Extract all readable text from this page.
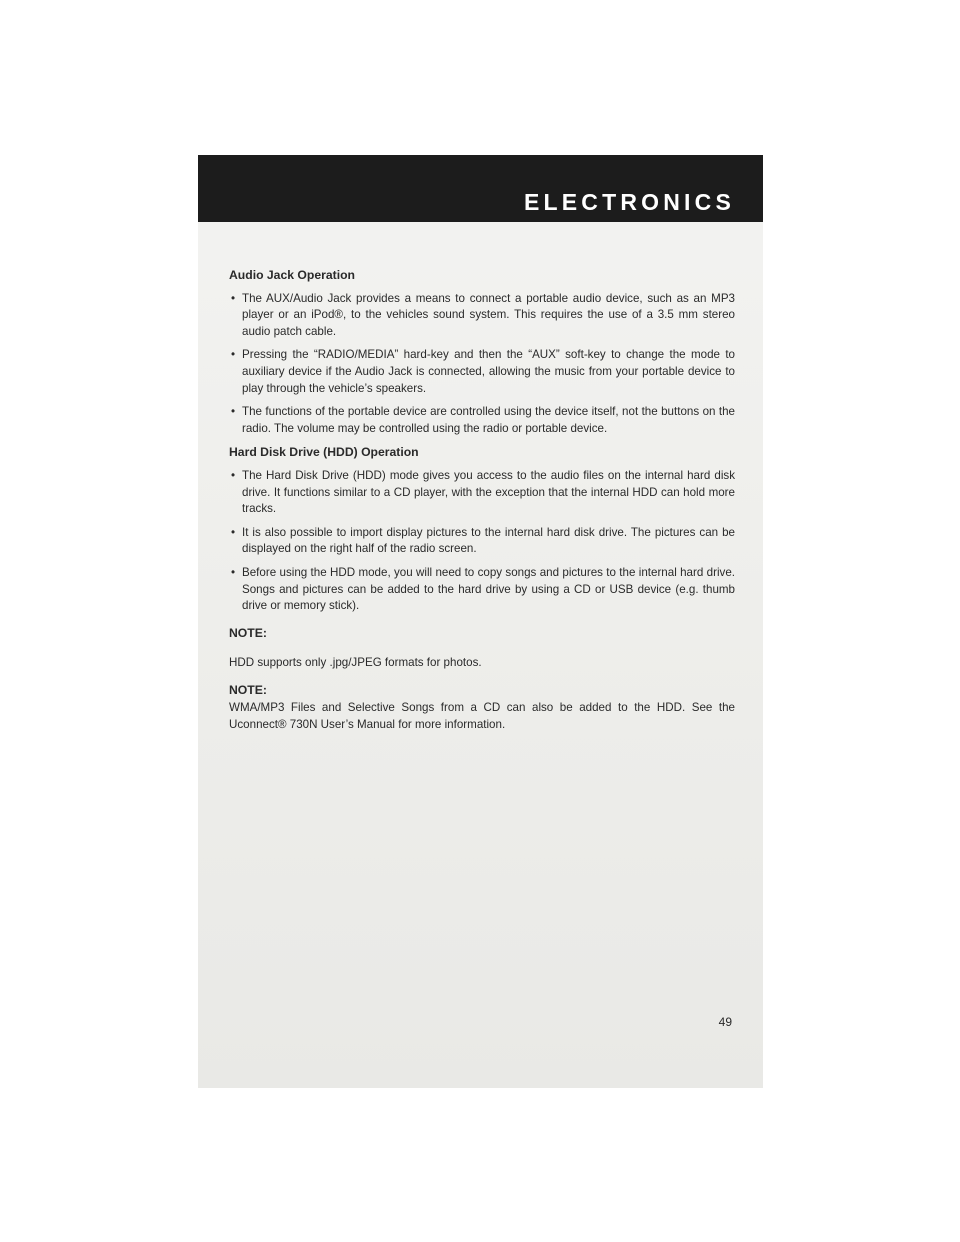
ELECTRONICS
Audio Jack Operation
• The AUX/Audio Jack provides a means to connect a portable audio device, such as an MP3 player or an iPod®, to the vehicles sound system. This requires the use of a 3.5 mm stereo audio patch cable.
• Pressing the “RADIO/MEDIA” hard-key and then the “AUX” soft-key to change the mode to auxiliary device if the Audio Jack is connected, allowing the music from your portable device to play through the vehicle’s speakers.
• The functions of the portable device are controlled using the device itself, not the buttons on the radio. The volume may be controlled using the radio or portable device.
Hard Disk Drive (HDD) Operation
• The Hard Disk Drive (HDD) mode gives you access to the audio files on the internal hard disk drive. It functions similar to a CD player, with the exception that the internal HDD can hold more tracks.
• It is also possible to import display pictures to the internal hard disk drive. The pictures can be displayed on the right half of the radio screen.
• Before using the HDD mode, you will need to copy songs and pictures to the internal hard drive. Songs and pictures can be added to the hard drive by using a CD or USB device (e.g. thumb drive or memory stick).
NOTE:
HDD supports only .jpg/JPEG formats for photos.
NOTE:
WMA/MP3 Files and Selective Songs from a CD can also be added to the HDD. See the Uconnect® 730N User’s Manual for more information.
49
